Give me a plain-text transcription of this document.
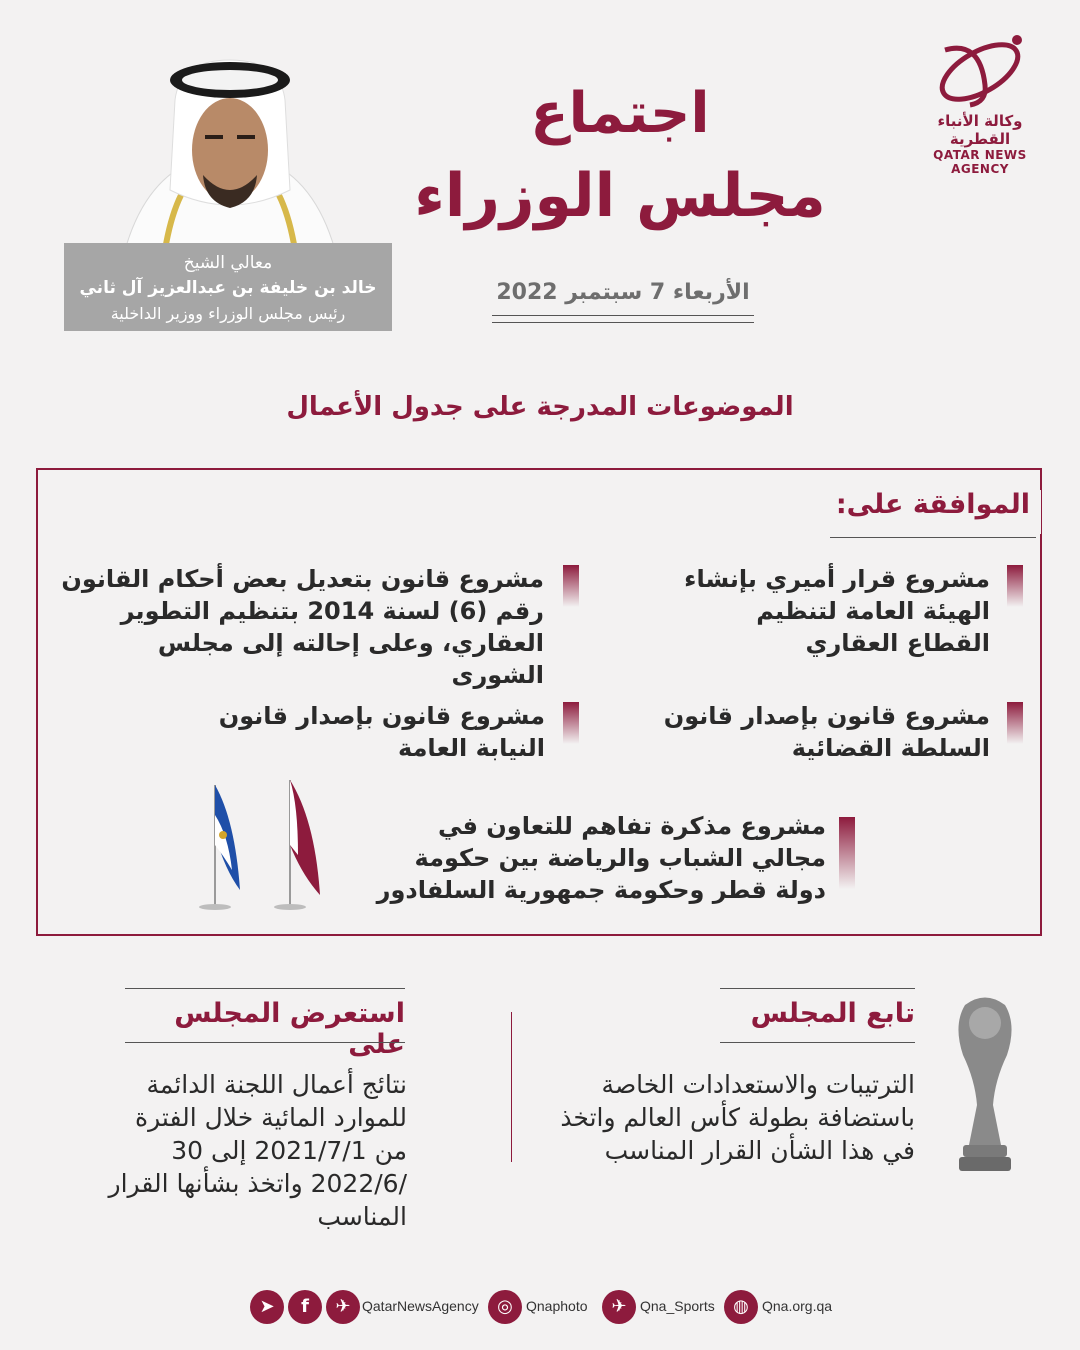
وكالة الأنباء القطرية
QATAR NEWS AGENCY
اجتماع
مجلس الوزراء
الأربعاء 7 سبتمبر 2022
معالي الشيخ
خالد بن خليفة بن عبدالعزيز آل ثاني
رئيس مجلس الوزراء ووزير الداخلية
الموضوعات المدرجة على جدول الأعمال
الموافقة على:
مشروع قرار أميري بإنشاء الهيئة العامة لتنظيم القطاع العقاري
مشروع قانون بتعديل بعض أحكام القانون رقم (6) لسنة 2014 بتنظيم التطوير العقاري، وعلى إحالته إلى مجلس الشورى
مشروع قانون بإصدار قانون السلطة القضائية
مشروع قانون بإصدار قانون النيابة العامة
مشروع مذكرة تفاهم للتعاون في مجالي الشباب والرياضة بين حكومة دولة قطر وحكومة جمهورية السلفادور
تابع المجلس
الترتيبات والاستعدادات الخاصة باستضافة بطولة كأس العالم واتخذ في هذا الشأن القرار المناسب
استعرض المجلس على
نتائج أعمال اللجنة الدائمة للموارد المائية خلال الفترة من 2021/7/1 إلى 30 /2022/6 واتخذ بشأنها القرار المناسب
➤	f	✈ QatarNewsAgency	◎ Qnaphoto	✈ Qna_Sports	◍ Qna.org.qa
